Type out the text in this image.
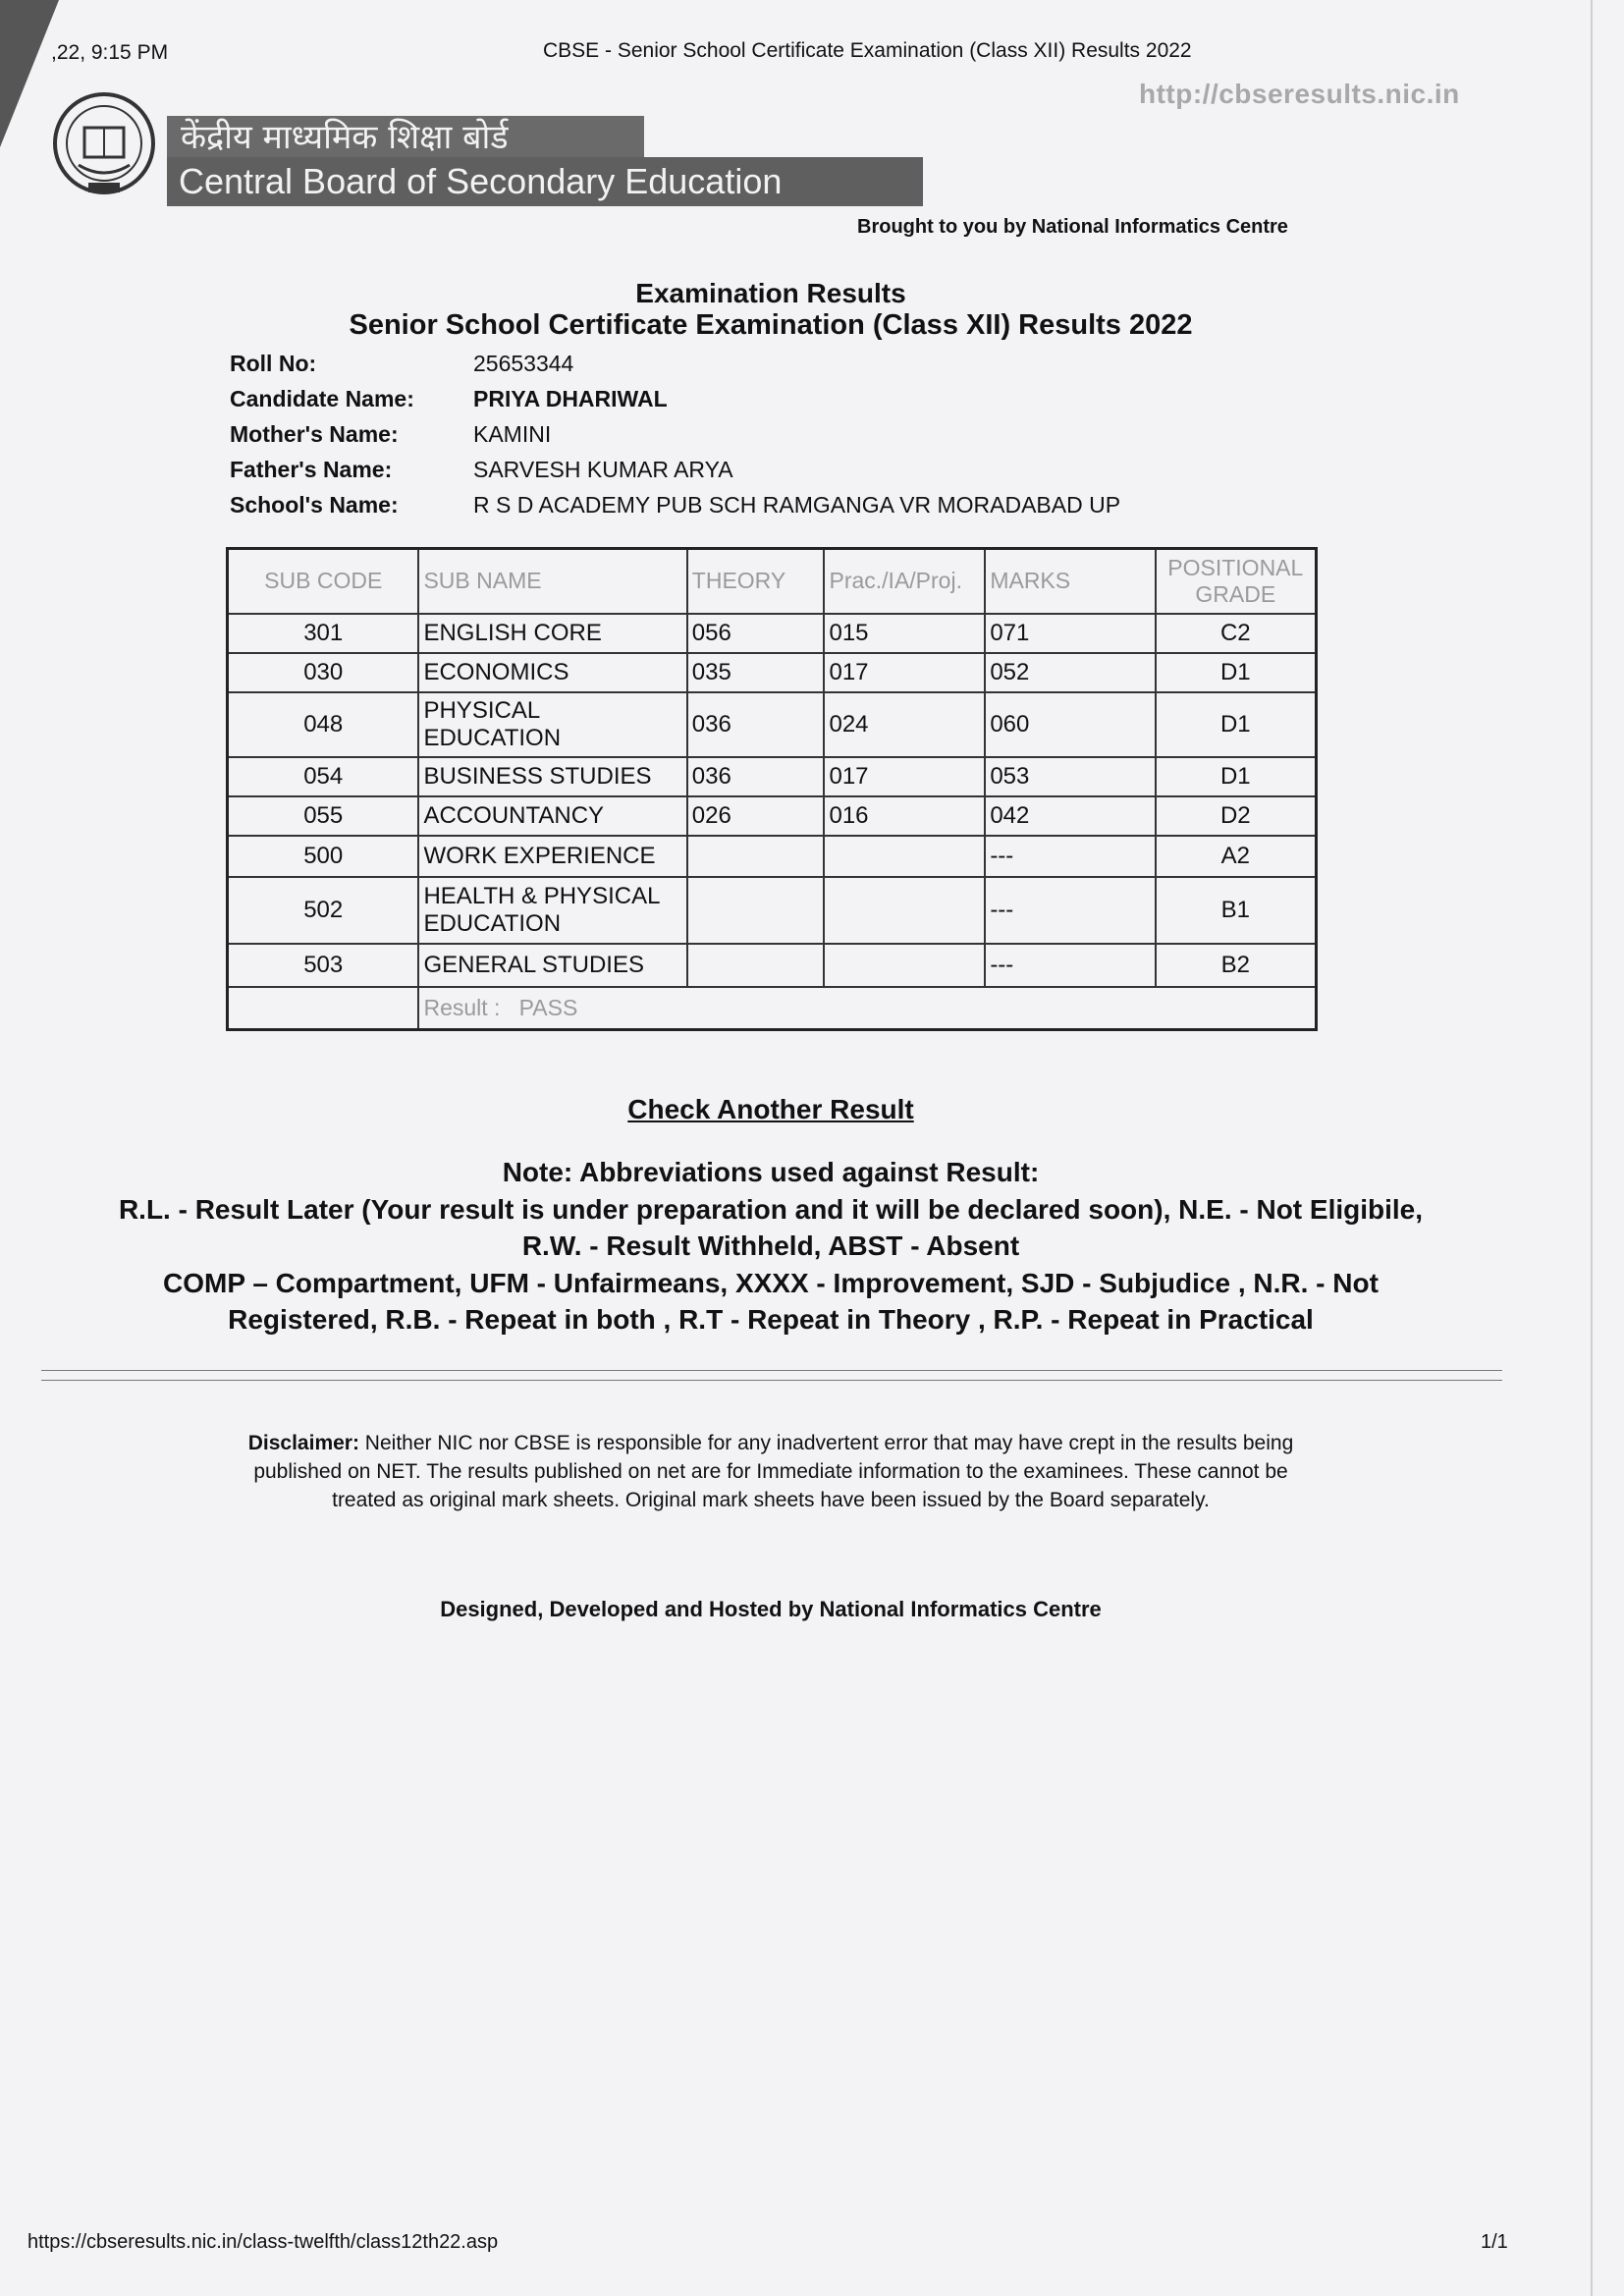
,22, 9:15 PM	CBSE - Senior School Certificate Examination (Class XII) Results 2022
http://cbseresults.nic.in
केंद्रीय माध्यमिक शिक्षा बोर्ड
Central Board of Secondary Education
Brought to you by National Informatics Centre
Examination Results
Senior School Certificate Examination (Class XII) Results 2022
Roll No:	25653344
Candidate Name:	PRIYA DHARIWAL
Mother's Name:	KAMINI
Father's Name:	SARVESH KUMAR ARYA
School's Name:	R S D ACADEMY PUB SCH RAMGANGA VR MORADABAD UP
SUB CODE	SUB NAME	THEORY	Prac./IA/Proj.	MARKS	POSITIONAL GRADE
301	ENGLISH CORE	056	015	071	C2
030	ECONOMICS	035	017	052	D1
048	PHYSICAL EDUCATION	036	024	060	D1
054	BUSINESS STUDIES	036	017	053	D1
055	ACCOUNTANCY	026	016	042	D2
500	WORK EXPERIENCE			---	A2
502	HEALTH & PHYSICAL EDUCATION			---	B1
503	GENERAL STUDIES			---	B2
	Result : PASS				
Check Another Result
Note: Abbreviations used against Result:
R.L. - Result Later (Your result is under preparation and it will be declared soon), N.E. - Not Eligibile,
R.W. - Result Withheld, ABST - Absent
COMP – Compartment, UFM - Unfairmeans, XXXX - Improvement, SJD - Subjudice , N.R. - Not
Registered, R.B. - Repeat in both , R.T - Repeat in Theory , R.P. - Repeat in Practical
Disclaimer: Neither NIC nor CBSE is responsible for any inadvertent error that may have crept in the results being published on NET. The results published on net are for Immediate information to the examinees. These cannot be treated as original mark sheets. Original mark sheets have been issued by the Board separately.
Designed, Developed and Hosted by National Informatics Centre
https://cbseresults.nic.in/class-twelfth/class12th22.asp	1/1
